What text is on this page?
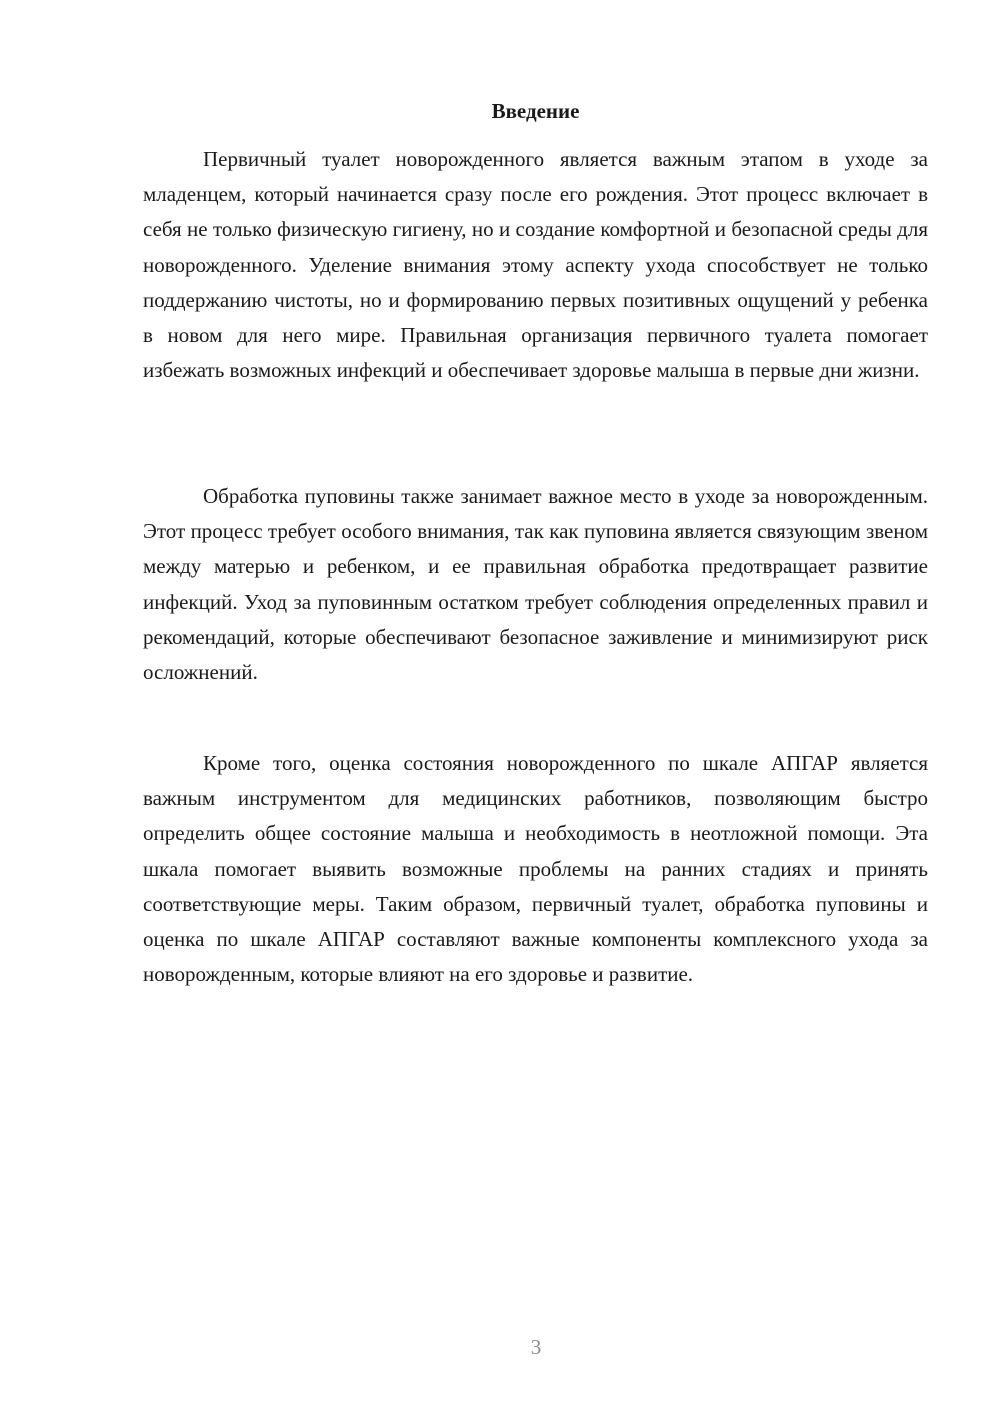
Введение

Первичный туалет новорожденного является важным этапом в уходе за младенцем, который начинается сразу после его рождения. Этот процесс включает в себя не только физическую гигиену, но и создание комфортной и безопасной среды для новорожденного. Уделение внимания этому аспекту ухода способствует не только поддержанию чистоты, но и формированию первых позитивных ощущений у ребенка в новом для него мире. Правильная организация первичного туалета помогает избежать возможных инфекций и обеспечивает здоровье малыша в первые дни жизни.

Обработка пуповины также занимает важное место в уходе за новорожденным. Этот процесс требует особого внимания, так как пуповина является связующим звеном между матерью и ребенком, и ее правильная обработка предотвращает развитие инфекций. Уход за пуповинным остатком требует соблюдения определенных правил и рекомендаций, которые обеспечивают безопасное заживление и минимизируют риск осложнений.

Кроме того, оценка состояния новорожденного по шкале АПГАР является важным инструментом для медицинских работников, позволяющим быстро определить общее состояние малыша и необходимость в неотложной помощи. Эта шкала помогает выявить возможные проблемы на ранних стадиях и принять соответствующие меры. Таким образом, первичный туалет, обработка пуповины и оценка по шкале АПГАР составляют важные компоненты комплексного ухода за новорожденным, которые влияют на его здоровье и развитие.

3
